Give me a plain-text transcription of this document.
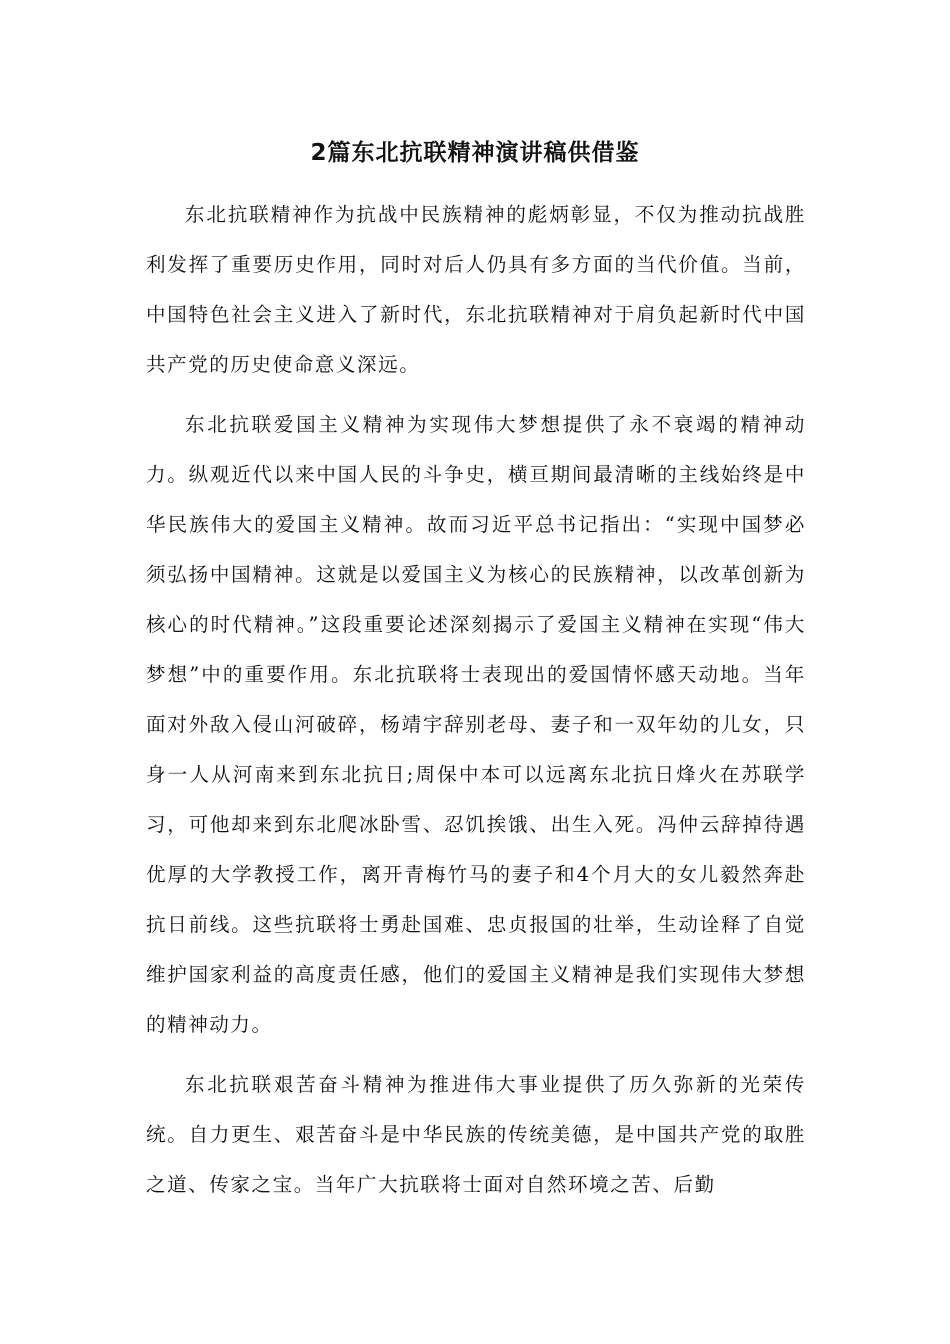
2篇东北抗联精神演讲稿供借鉴

东北抗联精神作为抗战中民族精神的彪炳彰显，不仅为推动抗战胜利发挥了重要历史作用，同时对后人仍具有多方面的当代价值。当前，中国特色社会主义进入了新时代，东北抗联精神对于肩负起新时代中国共产党的历史使命意义深远。

东北抗联爱国主义精神为实现伟大梦想提供了永不衰竭的精神动力。纵观近代以来中国人民的斗争史，横亘期间最清晰的主线始终是中华民族伟大的爱国主义精神。故而习近平总书记指出：“实现中国梦必须弘扬中国精神。这就是以爱国主义为核心的民族精神，以改革创新为核心的时代精神。”这段重要论述深刻揭示了爱国主义精神在实现“伟大梦想”中的重要作用。东北抗联将士表现出的爱国情怀感天动地。当年面对外敌入侵山河破碎，杨靖宇辞别老母、妻子和一双年幼的儿女，只身一人从河南来到东北抗日;周保中本可以远离东北抗日烽火在苏联学习，可他却来到东北爬冰卧雪、忍饥挨饿、出生入死。冯仲云辞掉待遇优厚的大学教授工作，离开青梅竹马的妻子和4个月大的女儿毅然奔赴抗日前线。这些抗联将士勇赴国难、忠贞报国的壮举，生动诠释了自觉维护国家利益的高度责任感，他们的爱国主义精神是我们实现伟大梦想的精神动力。

东北抗联艰苦奋斗精神为推进伟大事业提供了历久弥新的光荣传统。自力更生、艰苦奋斗是中华民族的传统美德，是中国共产党的取胜之道、传家之宝。当年广大抗联将士面对自然环境之苦、后勤
